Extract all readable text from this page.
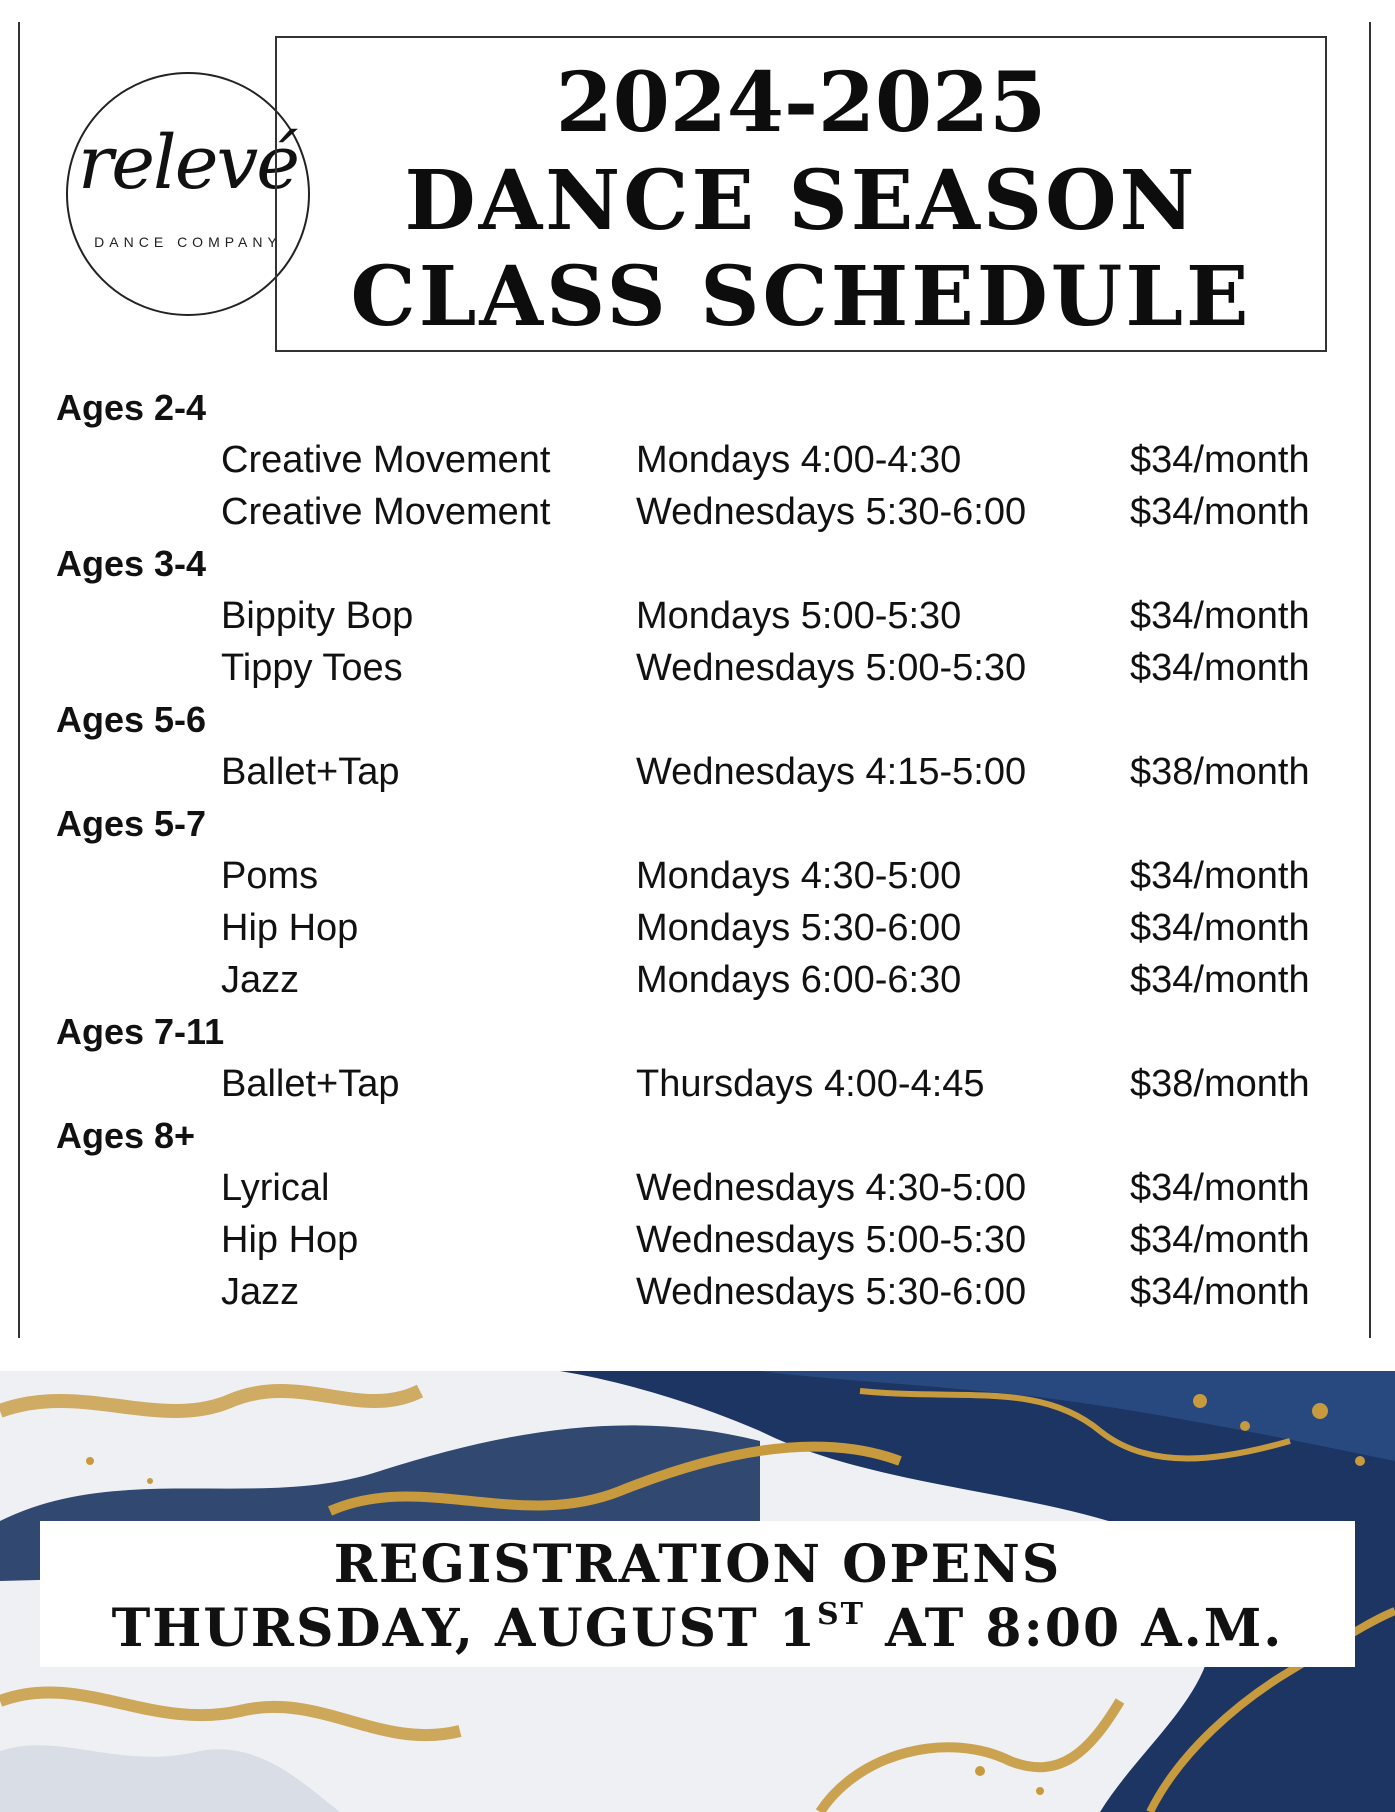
relevé
DANCE COMPANY
2024-2025
DANCE SEASON
CLASS SCHEDULE
Ages 2-4
Creative Movement Mondays 4:00-4:30	$34/month
Creative Movement Wednesdays 5:30-6:00	$34/month
Ages 3-4
Bippity Bop	Mondays 5:00-5:30	$34/month
Tippy Toes	Wednesdays 5:00-5:30	$34/month
Ages 5-6
Ballet+Tap	Wednesdays 4:15-5:00	$38/month
Ages 5-7
Poms	Mondays 4:30-5:00	$34/month
Hip Hop	Mondays 5:30-6:00	$34/month
Jazz	Mondays 6:00-6:30	$34/month
Ages 7-11
Ballet+Tap	Thursdays 4:00-4:45	$38/month
Ages 8+
Lyrical	Wednesdays 4:30-5:00	$34/month
Hip Hop	Wednesdays 5:00-5:30	$34/month
Jazz	Wednesdays 5:30-6:00	$34/month
REGISTRATION OPENS
THURSDAY, AUGUST 1ST AT 8:00 A.M.
